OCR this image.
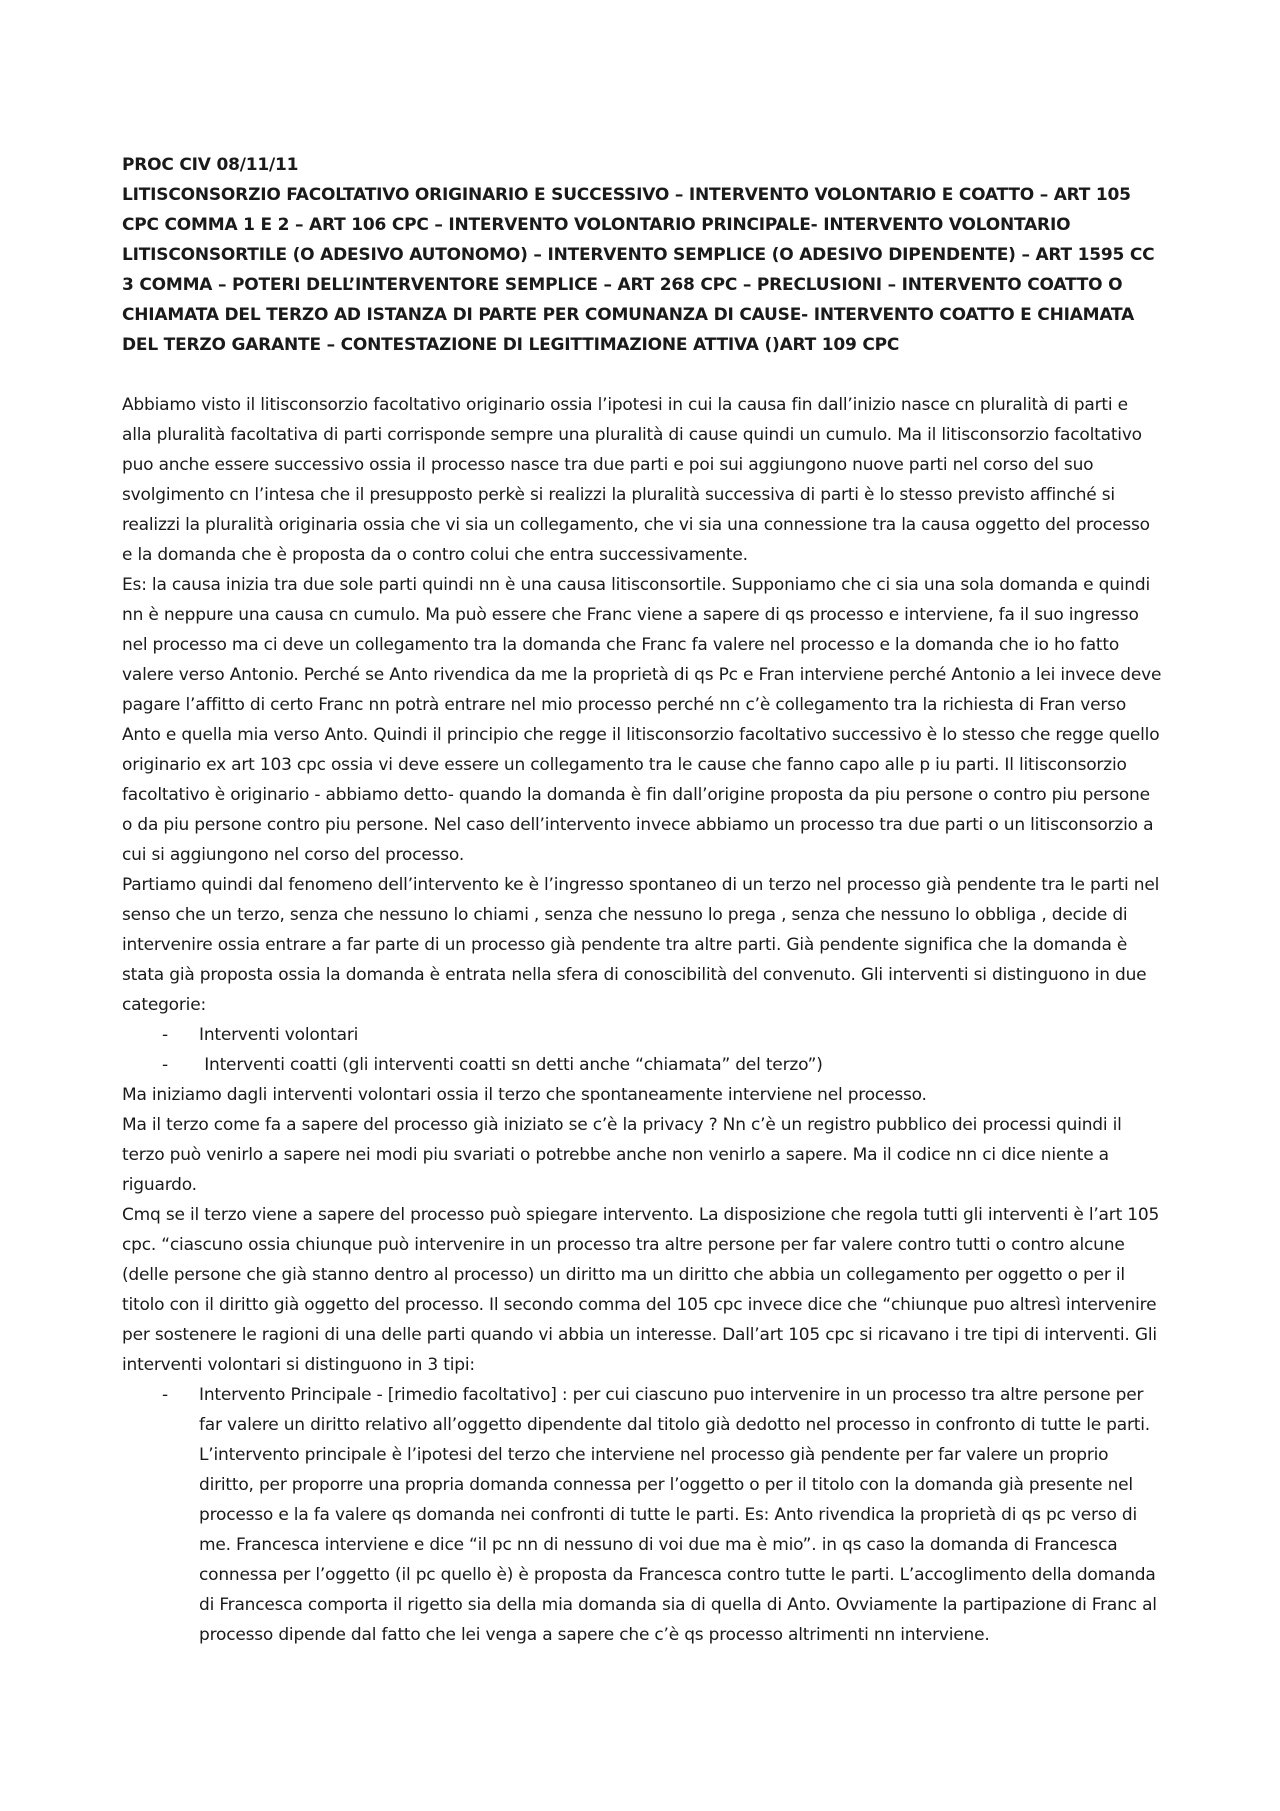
PROC CIV 08/11/11
LITISCONSORZIO FACOLTATIVO ORIGINARIO E SUCCESSIVO – INTERVENTO VOLONTARIO E COATTO – ART 105 CPC COMMA 1 E 2 – ART 106 CPC – INTERVENTO VOLONTARIO PRINCIPALE- INTERVENTO VOLONTARIO LITISCONSORTILE (O ADESIVO AUTONOMO) – INTERVENTO SEMPLICE (O ADESIVO DIPENDENTE) – ART 1595 CC 3 COMMA – POTERI DELL’INTERVENTORE SEMPLICE – ART 268 CPC – PRECLUSIONI – INTERVENTO COATTO O CHIAMATA DEL TERZO AD ISTANZA DI PARTE PER COMUNANZA DI CAUSE- INTERVENTO COATTO E CHIAMATA DEL TERZO GARANTE – CONTESTAZIONE DI LEGITTIMAZIONE ATTIVA ()ART 109 CPC

Abbiamo visto il litisconsorzio facoltativo originario ossia l’ipotesi in cui la causa fin dall’inizio nasce cn pluralità di parti e alla pluralità facoltativa di parti corrisponde sempre una pluralità di cause quindi un cumulo. Ma il litisconsorzio facoltativo puo anche essere successivo ossia il processo nasce tra due parti e poi sui aggiungono nuove parti nel corso del suo svolgimento cn l’intesa che il presupposto perkè si realizzi la pluralità successiva di parti è lo stesso previsto affinché si realizzi la pluralità originaria ossia che vi sia un collegamento, che vi sia una connessione tra la causa oggetto del processo e la domanda che è proposta da o contro colui che entra successivamente.

Es: la causa inizia tra due sole parti quindi nn è una causa litisconsortile. Supponiamo che ci sia una sola domanda e quindi nn è neppure una causa cn cumulo. Ma può essere che Franc viene a sapere di qs processo e interviene, fa il suo ingresso nel processo ma ci deve un collegamento tra la domanda che Franc fa valere nel processo e la domanda che io ho fatto valere verso Antonio. Perché se Anto rivendica da me la proprietà di qs Pc e Fran interviene perché Antonio a lei invece deve pagare l’affitto di certo Franc nn potrà entrare nel mio processo perché nn c’è collegamento tra la richiesta di Fran verso Anto e quella mia verso Anto. Quindi il principio che regge il litisconsorzio facoltativo successivo è lo stesso che regge quello originario ex art 103 cpc ossia vi deve essere un collegamento tra le cause che fanno capo alle p iu parti. Il litisconsorzio facoltativo è originario - abbiamo detto- quando la domanda è fin dall’origine proposta da piu persone o contro piu persone o da piu persone contro piu persone. Nel caso dell’intervento invece abbiamo un processo tra due parti o un litisconsorzio a cui si aggiungono nel corso del processo.

Partiamo quindi dal fenomeno dell’intervento ke è l’ingresso spontaneo di un terzo nel processo già pendente tra le parti nel senso che un terzo, senza che nessuno lo chiami , senza che nessuno lo prega , senza che nessuno lo obbliga , decide di intervenire ossia entrare a far parte di un processo già pendente tra altre parti. Già pendente significa che la domanda è stata già proposta ossia la domanda è entrata nella sfera di conoscibilità del convenuto. Gli interventi si distinguono in due categorie:

- Interventi volontari
- Interventi coatti (gli interventi coatti sn detti anche “chiamata” del terzo”)

Ma iniziamo dagli interventi volontari ossia il terzo che spontaneamente interviene nel processo.

Ma il terzo come fa a sapere del processo già iniziato se c’è la privacy ? Nn c’è un registro pubblico dei processi quindi il terzo può venirlo a sapere nei modi piu svariati o potrebbe anche non venirlo a sapere. Ma il codice nn ci dice niente a riguardo.

Cmq se il terzo viene a sapere del processo può spiegare intervento. La disposizione che regola tutti gli interventi è l’art 105 cpc. “ciascuno ossia chiunque può intervenire in un processo tra altre persone per far valere contro tutti o contro alcune (delle persone che già stanno dentro al processo) un diritto ma un diritto che abbia un collegamento per oggetto o per il titolo con il diritto già oggetto del processo. Il secondo comma del 105 cpc invece dice che “chiunque puo altresì intervenire per sostenere le ragioni di una delle parti quando vi abbia un interesse. Dall’art 105 cpc si ricavano i tre tipi di interventi. Gli interventi volontari si distinguono in 3 tipi:

- Intervento Principale - [rimedio facoltativo] : per cui ciascuno puo intervenire in un processo tra altre persone per far valere un diritto relativo all’oggetto dipendente dal titolo già dedotto nel processo in confronto di tutte le parti. L’intervento principale è l’ipotesi del terzo che interviene nel processo già pendente per far valere un proprio diritto, per proporre una propria domanda connessa per l’oggetto o per il titolo con la domanda già presente nel processo e la fa valere qs domanda nei confronti di tutte le parti. Es: Anto rivendica la proprietà di qs pc verso di me. Francesca interviene e dice “il pc nn di nessuno di voi due ma è mio”. in qs caso la domanda di Francesca connessa per l’oggetto (il pc quello è) è proposta da Francesca contro tutte le parti. L’accoglimento della domanda di Francesca comporta il rigetto sia della mia domanda sia di quella di Anto. Ovviamente la partipazione di Franc al processo dipende dal fatto che lei venga a sapere che c’è qs processo altrimenti nn interviene.
